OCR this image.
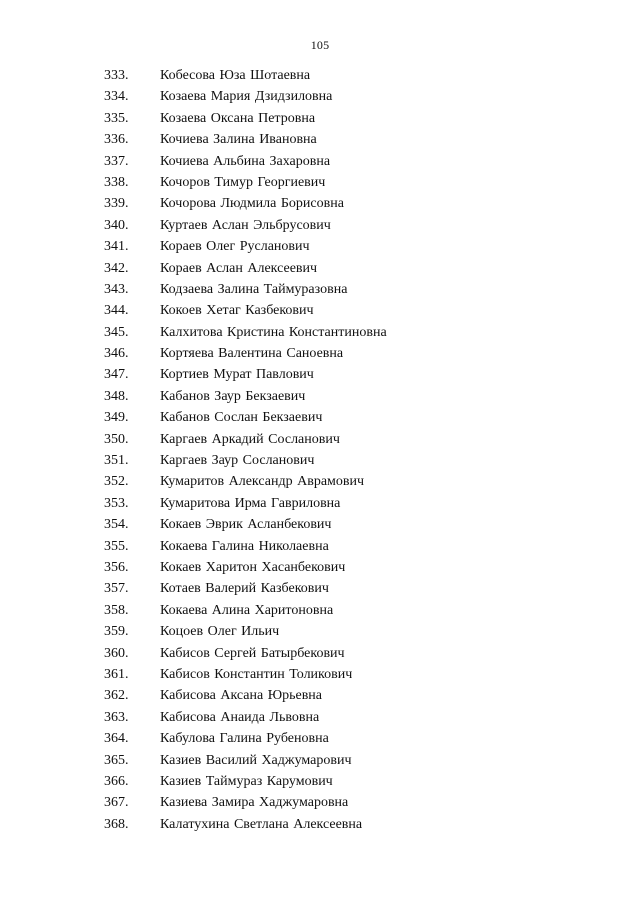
105
333.	Кобесова Юза Шотаевна
334.	Козаева Мария Дзидзиловна
335.	Козаева Оксана Петровна
336.	Кочиева Залина Ивановна
337.	Кочиева Альбина Захаровна
338.	Кочоров Тимур Георгиевич
339.	Кочорова Людмила Борисовна
340.	Куртаев Аслан Эльбрусович
341.	Кораев Олег Русланович
342.	Кораев Аслан Алексеевич
343.	Кодзаева Залина Таймуразовна
344.	Кокоев Хетаг Казбекович
345.	Калхитова Кристина Константиновна
346.	Кортяева Валентина Саноевна
347.	Кортиев Мурат Павлович
348.	Кабанов Заур Бекзаевич
349.	Кабанов Сослан Бекзаевич
350.	Каргаев Аркадий Сосланович
351.	Каргаев Заур Сосланович
352.	Кумаритов Александр Аврамович
353.	Кумаритова Ирма Гавриловна
354.	Кокаев Эврик Асланбекович
355.	Кокаева Галина Николаевна
356.	Кокаев Харитон Хасанбекович
357.	Котаев Валерий Казбекович
358.	Кокаева Алина Харитоновна
359.	Коцоев Олег Ильич
360.	Кабисов Сергей Батырбекович
361.	Кабисов Константин Толикович
362.	Кабисова Аксана Юрьевна
363.	Кабисова Анаида Львовна
364.	Кабулова Галина Рубеновна
365.	Казиев Василий Хаджумарович
366.	Казиев Таймураз Карумович
367.	Казиева Замира Хаджумаровна
368.	Калатухина Светлана Алексеевна
